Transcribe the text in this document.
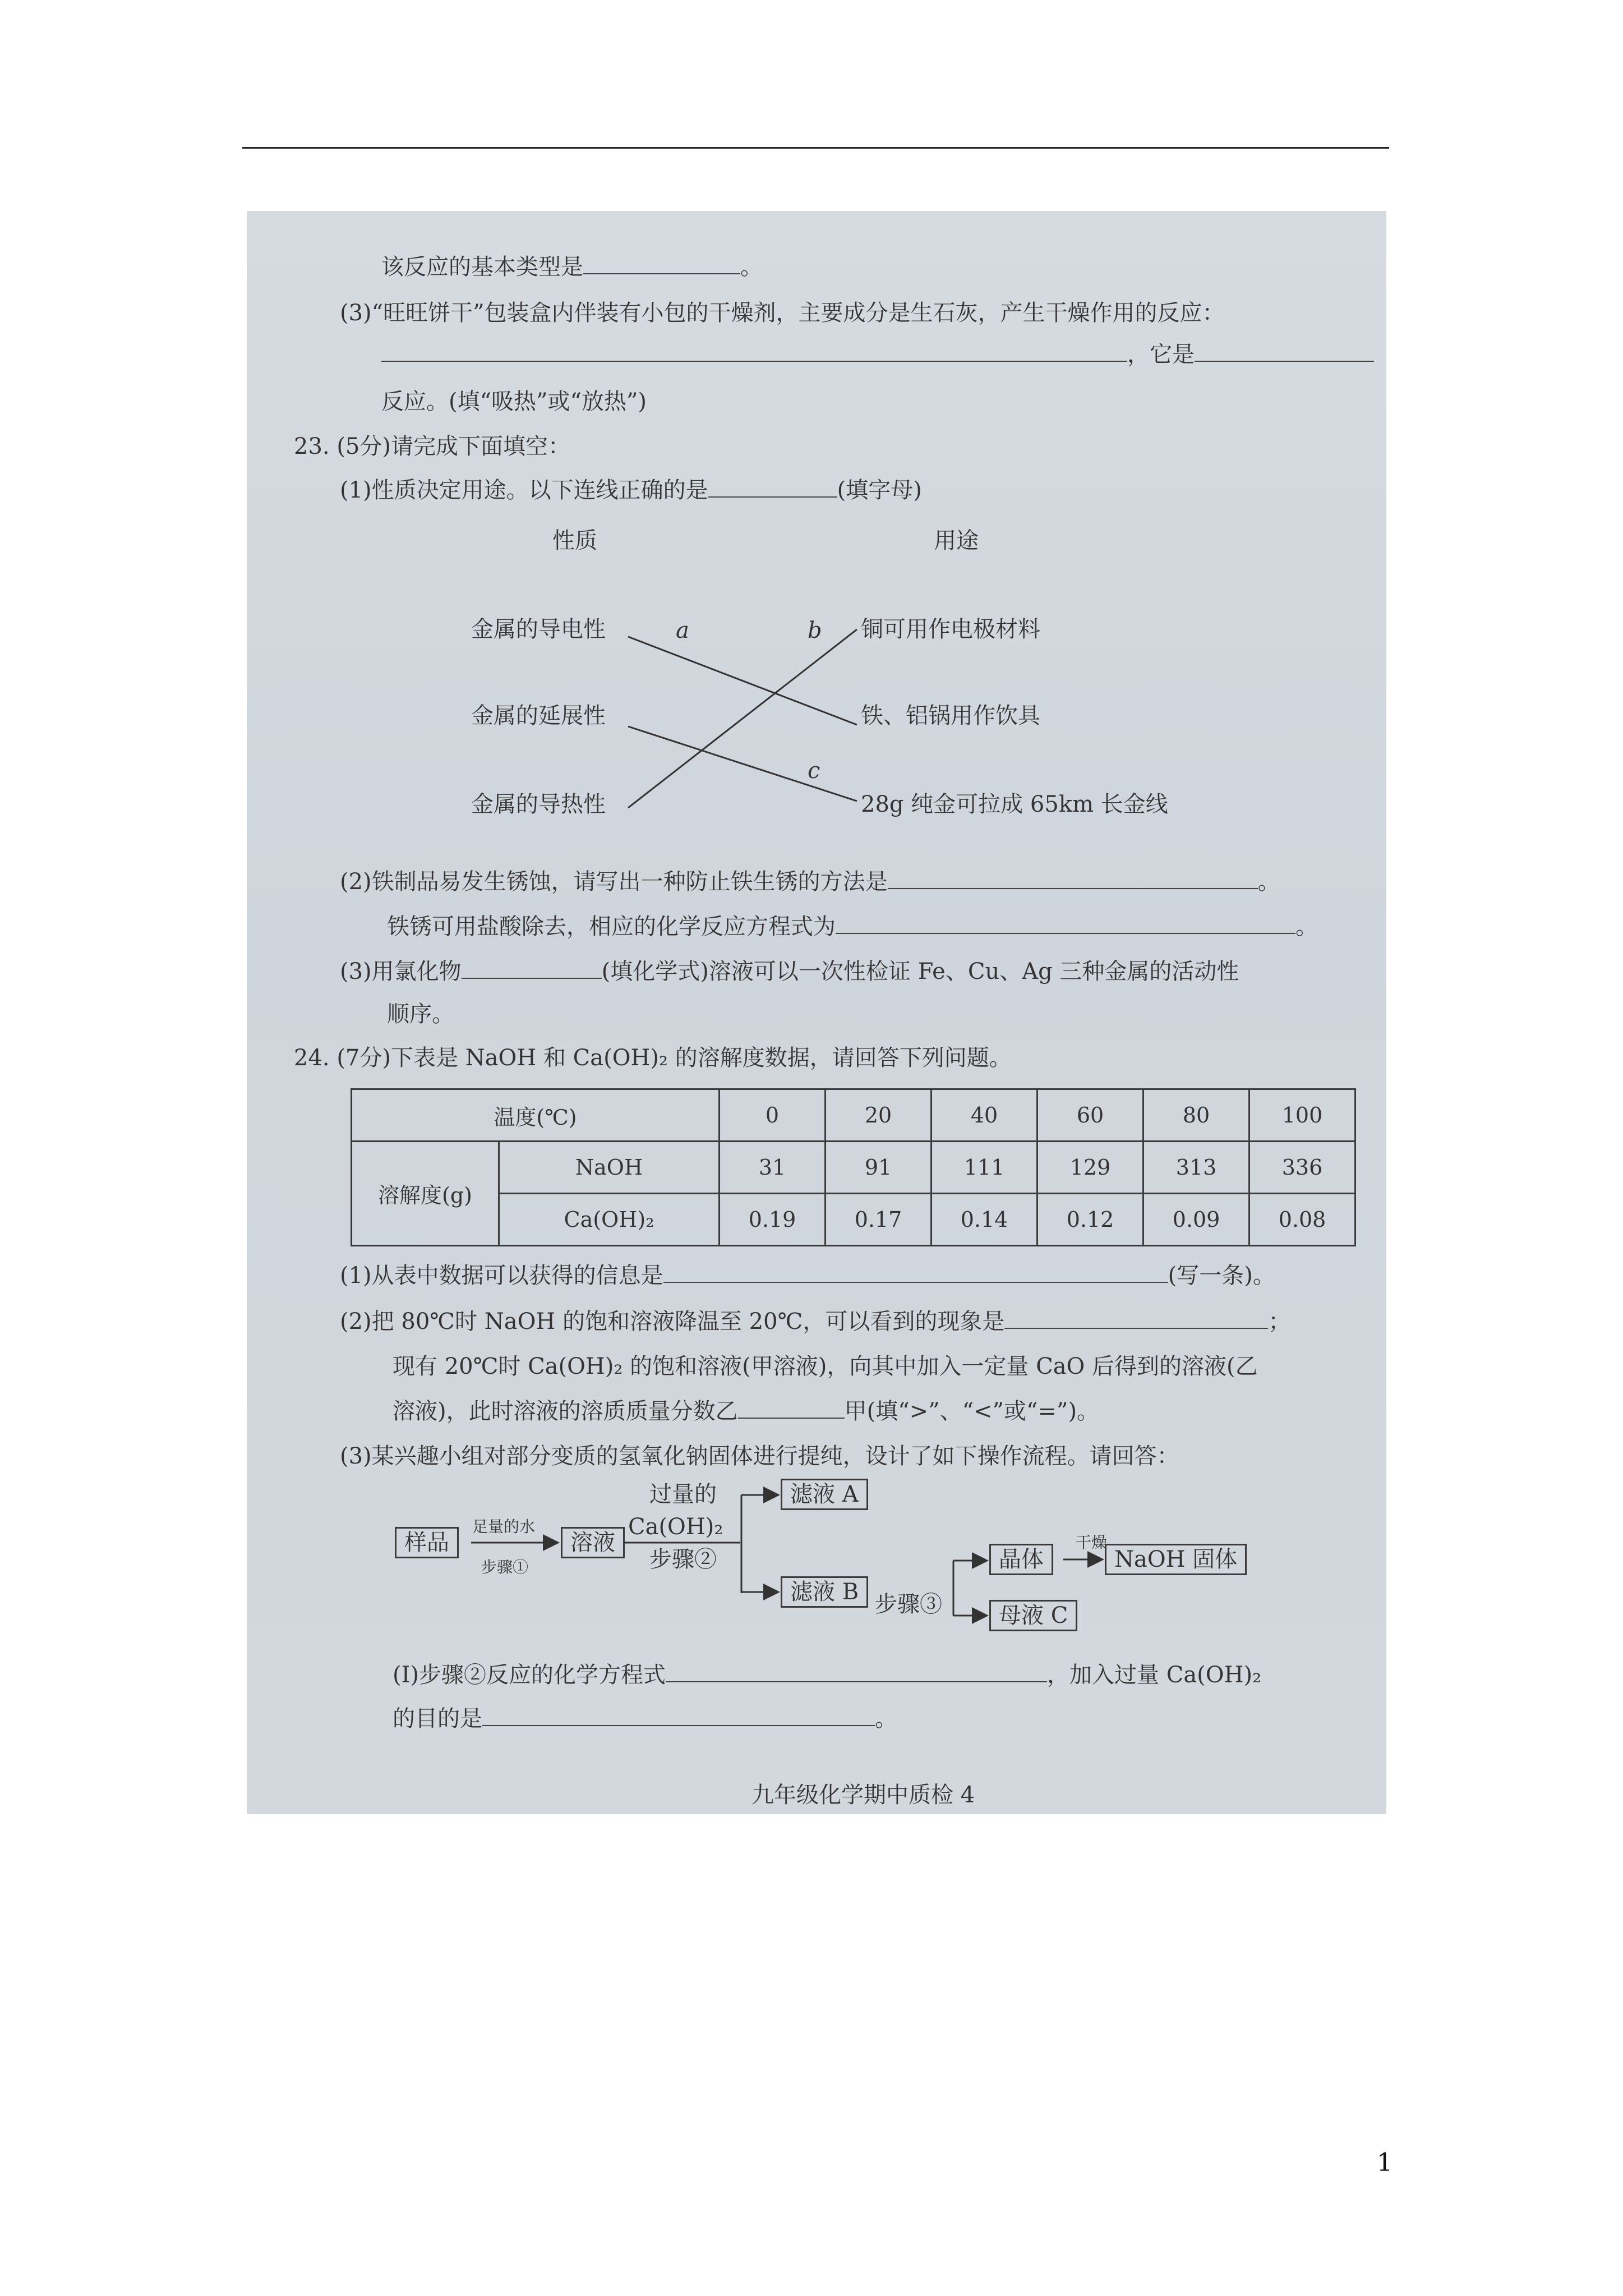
该反应的基本类型是	。
(3)“旺旺饼干”包装盒内伴装有小包的干燥剂，主要成分是生石灰，产生干燥作用的反应：
，它是
反应。(填“吸热”或“放热”)
23. (5分)请完成下面填空：
(1)性质决定用途。以下连线正确的是	(填字母)
性质	用途
金属的导电性
金属的延展性
金属的导热性
铜可用作电极材料
铁、铝锅用作饮具
28g 纯金可拉成 65km 长金线
a	b
c
(2)铁制品易发生锈蚀，请写出一种防止铁生锈的方法是	。
铁锈可用盐酸除去，相应的化学反应方程式为	。
(3)用氯化物	(填化学式)溶液可以一次性检证 Fe、Cu、Ag 三种金属的活动性
顺序。
24. (7分)下表是 NaOH 和 Ca(OH)₂ 的溶解度数据，请回答下列问题。
温度(℃)		0	20	40	60	80	100
溶解度(g)	NaOH	31	91	111	129	313	336
	Ca(OH)₂	0.19	0.17	0.14	0.12	0.09	0.08
(1)从表中数据可以获得的信息是	(写一条)。
(2)把 80℃时 NaOH 的饱和溶液降温至 20℃，可以看到的现象是	；
现有 20℃时 Ca(OH)₂ 的饱和溶液(甲溶液)，向其中加入一定量 CaO 后得到的溶液(乙
溶液)，此时溶液的溶质质量分数乙	甲(填“>”、“<”或“=”)。
(3)某兴趣小组对部分变质的氢氧化钠固体进行提纯，设计了如下操作流程。请回答：
样品
足量的水
步骤①
溶液
过量的
Ca(OH)₂
步骤②
滤液 A
滤液 B 步骤③
晶体
干燥
NaOH 固体
母液 C
(Ⅰ)步骤②反应的化学方程式	，加入过量 Ca(OH)₂
的目的是	。
九年级化学期中质检 4
1
